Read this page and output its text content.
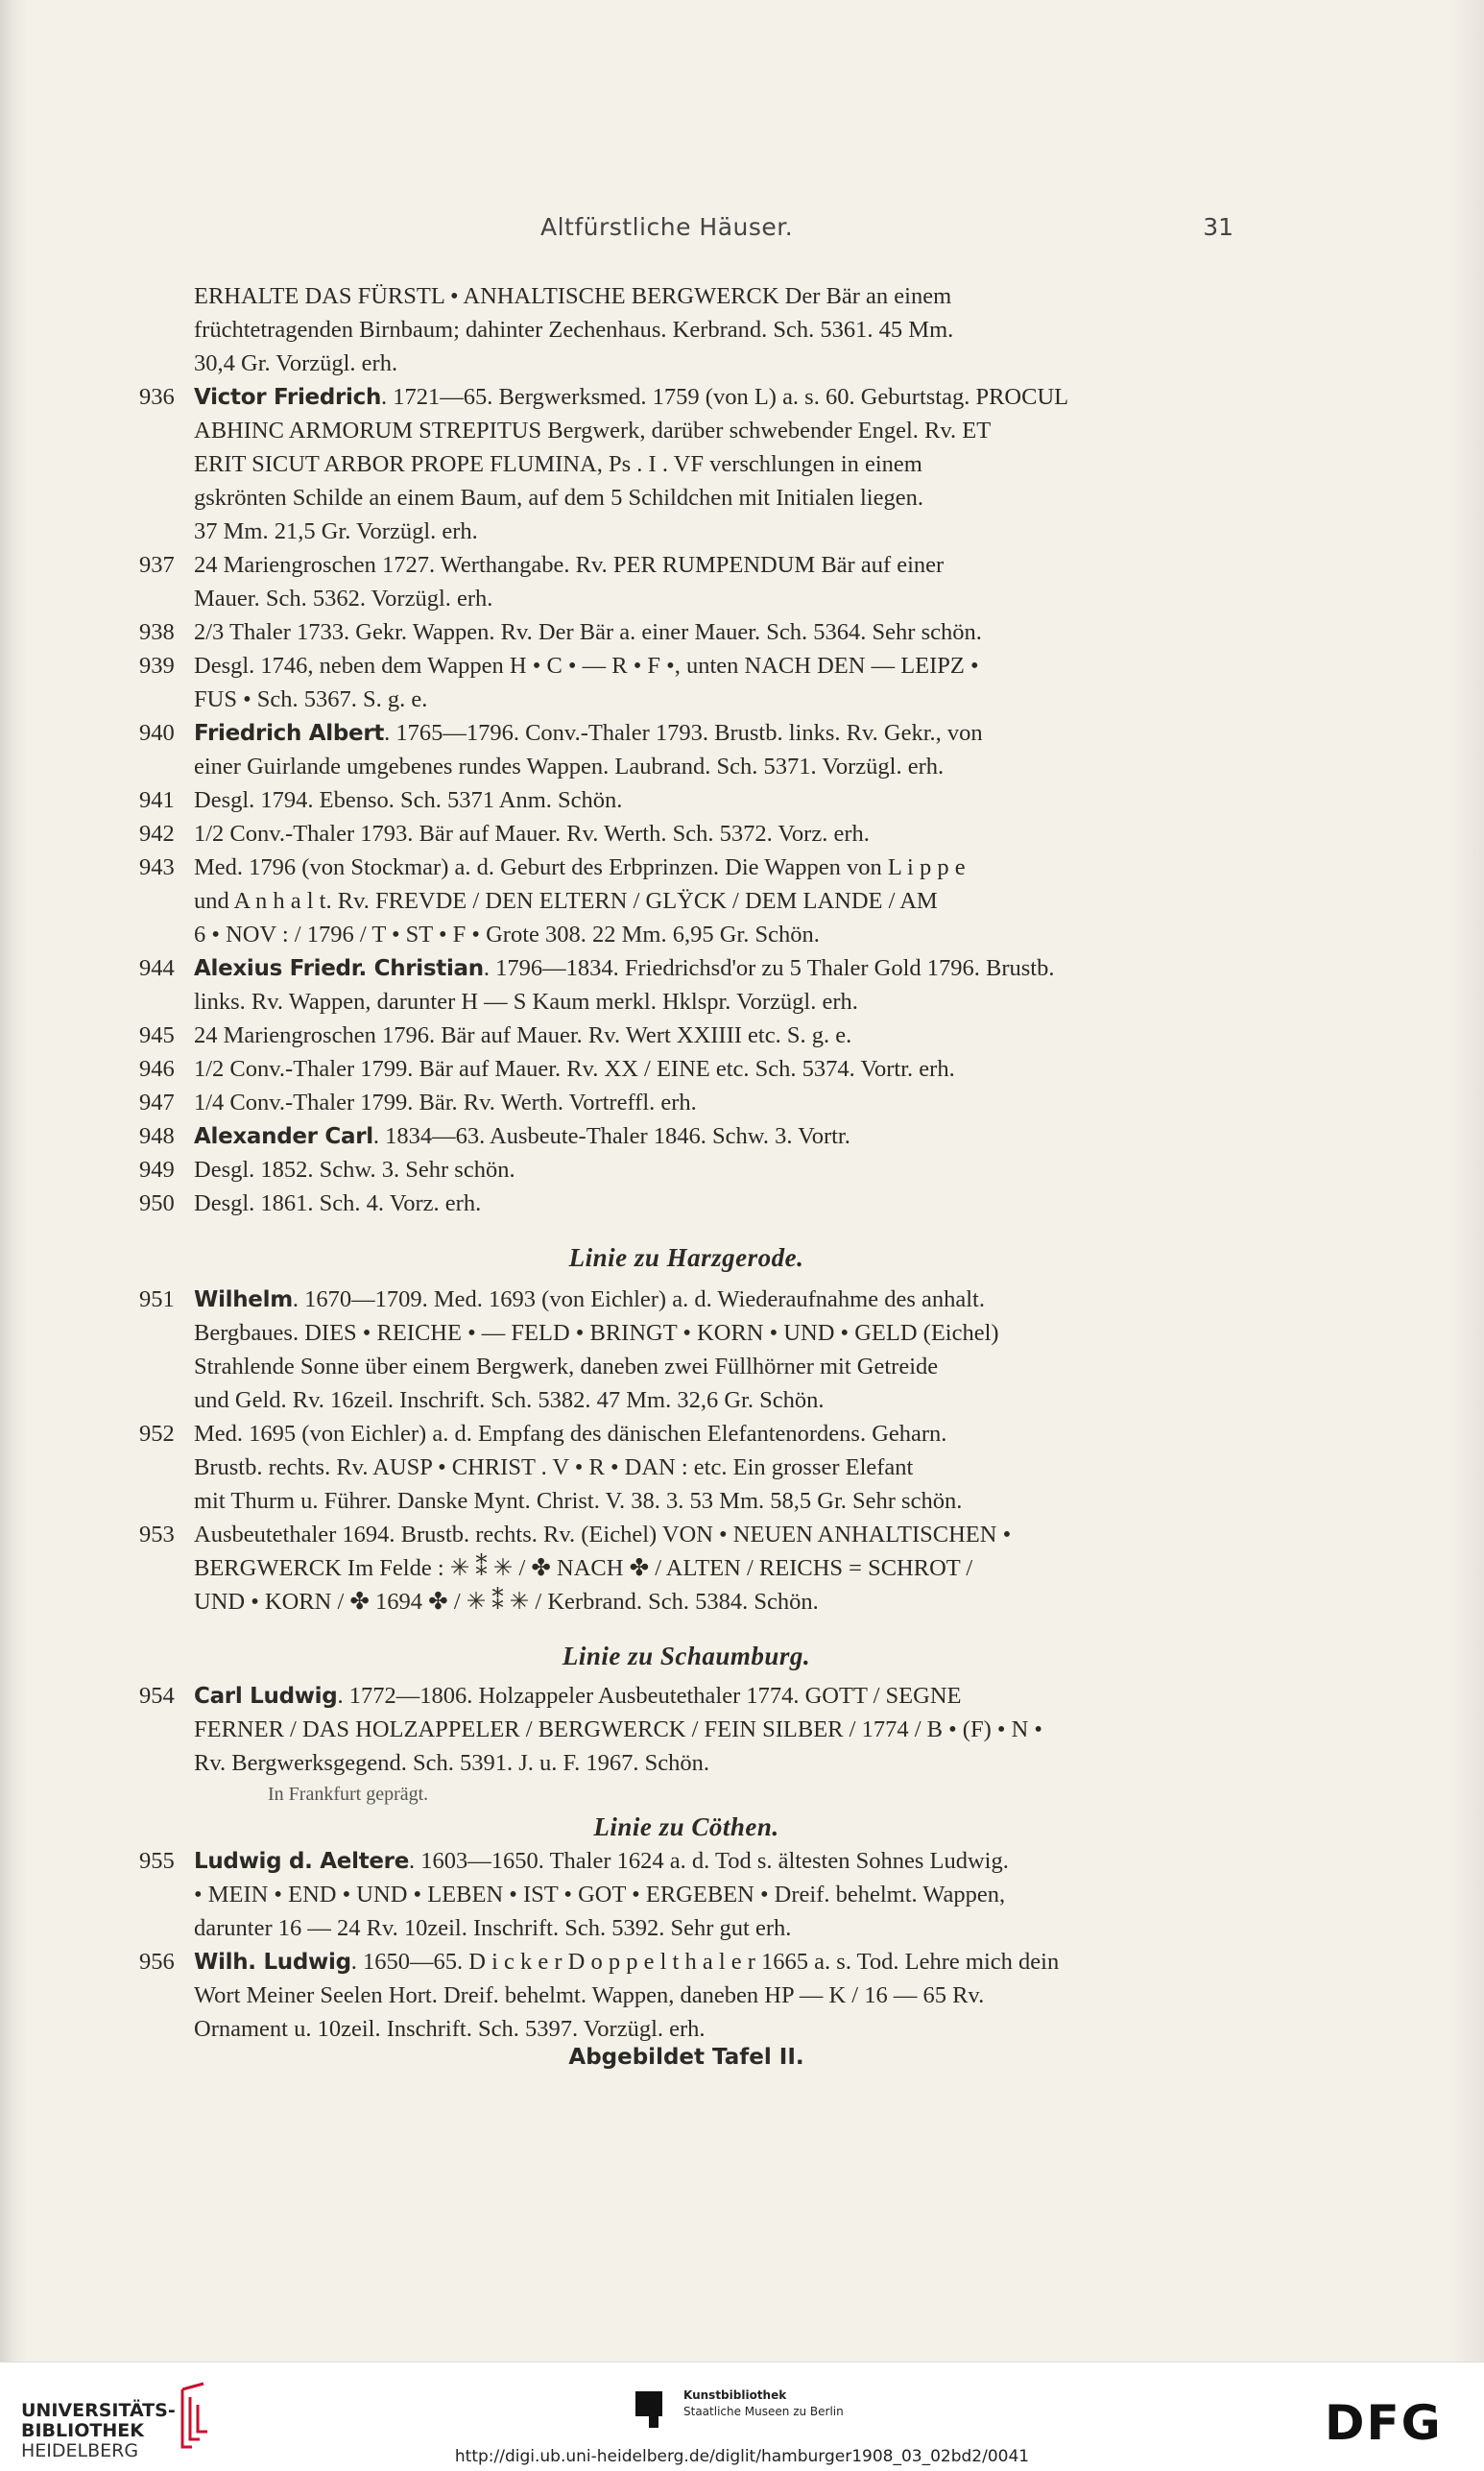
Altfürstliche Häuser.	31
ERHALTE DAS FÜRSTL • ANHALTISCHE BERGWERCK Der Bär an einem
früchtetragenden Birnbaum; dahinter Zechenhaus. Kerbrand. Sch. 5361. 45 Mm.
30,4 Gr. Vorzügl. erh.
936 Victor Friedrich. 1721—65. Bergwerksmed. 1759 (von L) a. s. 60. Geburtstag. PROCUL
ABHINC ARMORUM STREPITUS Bergwerk, darüber schwebender Engel. Rv. ET
ERIT SICUT ARBOR PROPE FLUMINA, Ps . I . VF verschlungen in einem
gskrönten Schilde an einem Baum, auf dem 5 Schildchen mit Initialen liegen.
37 Mm. 21,5 Gr. Vorzügl. erh.
937 24 Mariengroschen 1727. Werthangabe. Rv. PER RUMPENDUM Bär auf einer
Mauer. Sch. 5362. Vorzügl. erh.
938 2/3 Thaler 1733. Gekr. Wappen. Rv. Der Bär a. einer Mauer. Sch. 5364. Sehr schön.
939 Desgl. 1746, neben dem Wappen H • C • — R • F •, unten NACH DEN — LEIPZ •
FUS • Sch. 5367. S. g. e.
940 Friedrich Albert. 1765—1796. Conv.-Thaler 1793. Brustb. links. Rv. Gekr., von
einer Guirlande umgebenes rundes Wappen. Laubrand. Sch. 5371. Vorzügl. erh.
941 Desgl. 1794. Ebenso. Sch. 5371 Anm. Schön.
942 1/2 Conv.-Thaler 1793. Bär auf Mauer. Rv. Werth. Sch. 5372. Vorz. erh.
943 Med. 1796 (von Stockmar) a. d. Geburt des Erbprinzen. Die Wappen von L i p p e
und A n h a l t. Rv. FREVDE / DEN ELTERN / GLŸCK / DEM LANDE / AM
6 • NOV : / 1796 / T • ST • F • Grote 308. 22 Mm. 6,95 Gr. Schön.
944 Alexius Friedr. Christian. 1796—1834. Friedrichsd'or zu 5 Thaler Gold 1796. Brustb.
links. Rv. Wappen, darunter H — S Kaum merkl. Hklspr. Vorzügl. erh.
945 24 Mariengroschen 1796. Bär auf Mauer. Rv. Wert XXIIII etc. S. g. e.
946 1/2 Conv.-Thaler 1799. Bär auf Mauer. Rv. XX / EINE etc. Sch. 5374. Vortr. erh.
947 1/4 Conv.-Thaler 1799. Bär. Rv. Werth. Vortreffl. erh.
948 Alexander Carl. 1834—63. Ausbeute-Thaler 1846. Schw. 3. Vortr.
949 Desgl. 1852. Schw. 3. Sehr schön.
950 Desgl. 1861. Sch. 4. Vorz. erh.
Linie zu Harzgerode.
951 Wilhelm. 1670—1709. Med. 1693 (von Eichler) a. d. Wiederaufnahme des anhalt.
Bergbaues. DIES • REICHE • — FELD • BRINGT • KORN • UND • GELD (Eichel)
Strahlende Sonne über einem Bergwerk, daneben zwei Füllhörner mit Getreide
und Geld. Rv. 16zeil. Inschrift. Sch. 5382. 47 Mm. 32,6 Gr. Schön.
952 Med. 1695 (von Eichler) a. d. Empfang des dänischen Elefantenordens. Geharn.
Brustb. rechts. Rv. AUSP • CHRIST . V • R • DAN : etc. Ein grosser Elefant
mit Thurm u. Führer. Danske Mynt. Christ. V. 38. 3. 53 Mm. 58,5 Gr. Sehr schön.
953 Ausbeutethaler 1694. Brustb. rechts. Rv. (Eichel) VON • NEUEN ANHALTISCHEN •
BERGWERCK Im Felde : ✳ ⁑ ✳ / ✤ NACH ✤ / ALTEN / REICHS = SCHROT /
UND • KORN / ✤ 1694 ✤ / ✳ ⁑ ✳ / Kerbrand. Sch. 5384. Schön.
Linie zu Schaumburg.
954 Carl Ludwig. 1772—1806. Holzappeler Ausbeutethaler 1774. GOTT / SEGNE
FERNER / DAS HOLZAPPELER / BERGWERCK / FEIN SILBER / 1774 / B • (F) • N •
Rv. Bergwerksgegend. Sch. 5391. J. u. F. 1967. Schön.
In Frankfurt geprägt.
Linie zu Cöthen.
955 Ludwig d. Aeltere. 1603—1650. Thaler 1624 a. d. Tod s. ältesten Sohnes Ludwig.
• MEIN • END • UND • LEBEN • IST • GOT • ERGEBEN • Dreif. behelmt. Wappen,
darunter 16 — 24 Rv. 10zeil. Inschrift. Sch. 5392. Sehr gut erh.
956 Wilh. Ludwig. 1650—65. D i c k e r D o p p e l t h a l e r 1665 a. s. Tod. Lehre mich dein
Wort Meiner Seelen Hort. Dreif. behelmt. Wappen, daneben HP — K / 16 — 65 Rv.
Ornament u. 10zeil. Inschrift. Sch. 5397. Vorzügl. erh.
Abgebildet Tafel II.
UNIVERSITÄTS-
BIBLIOTHEK
HEIDELBERG
Kunstbibliothek
Staatliche Museen zu Berlin	DFG
http://digi.ub.uni-heidelberg.de/diglit/hamburger1908_03_02bd2/0041
